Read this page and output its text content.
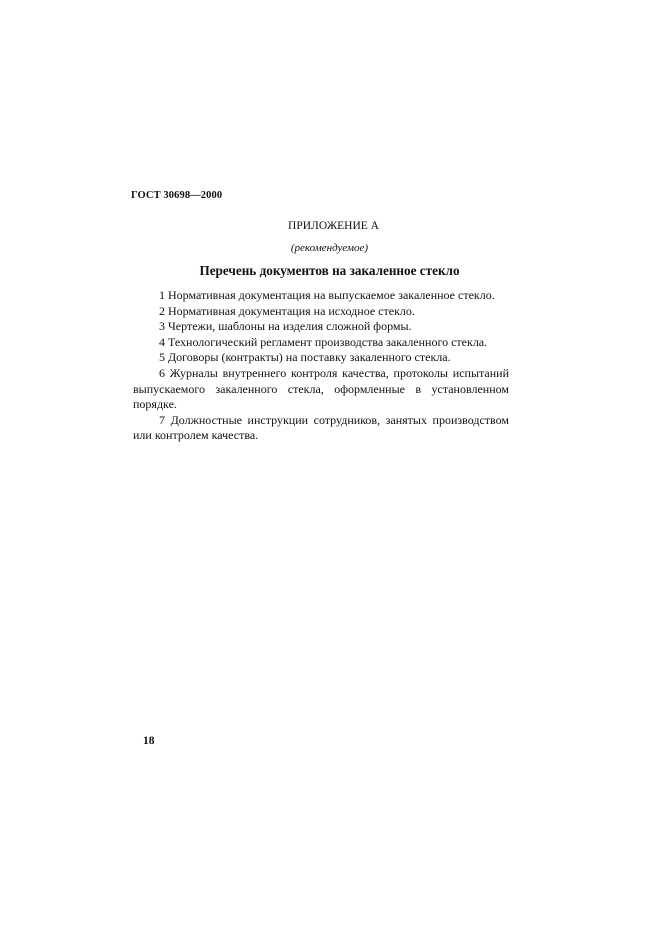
ГОСТ 30698—2000
ПРИЛОЖЕНИЕ А
(рекомендуемое)
Перечень документов на закаленное стекло

1 Нормативная документация на выпускаемое закаленное стекло.

2 Нормативная документация на исходное стекло.

3 Чертежи, шаблоны на изделия сложной формы.

4 Технологический регламент производства закаленного стекла.

5 Договоры (контракты) на поставку закаленного стекла.

6 Журналы внутреннего контроля качества, протоколы испытаний выпускаемого закаленного стекла, оформленные в установленном порядке.

7 Должностные инструкции сотрудников, занятых производством или контролем качества.

18
